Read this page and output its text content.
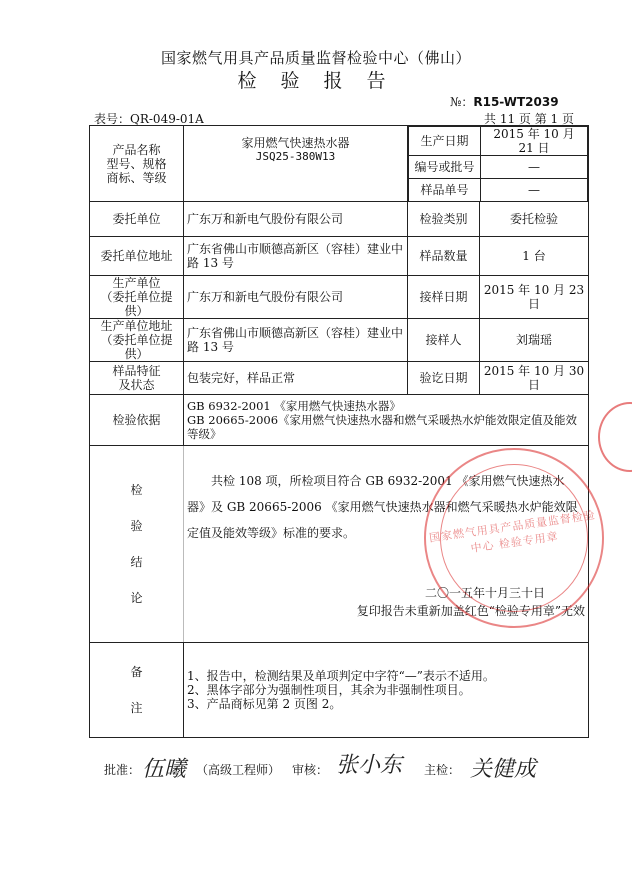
国家燃气用具产品质量监督检验中心（佛山）
检 验 报 告
№：R15-WT2039
表号：QR-049-01A	共 11 页 第 1 页
产品名称
型号、规格
商标、等级

家用燃气快速热水器
JSQ25-380W13

生产日期	2015 年 10 月 21 日
编号或批号	—
样品单号	—

委托单位	广东万和新电气股份有限公司	检验类别	委托检验
委托单位地址	广东省佛山市顺德高新区（容桂）建业中路 13 号	样品数量	1 台

生产单位
（委托单位提供）
	广东万和新电气股份有限公司	接样日期	2015 年 10 月 23 日

生产单位地址
（委托单位提供）
	广东省佛山市顺德高新区（容桂）建业中路 13 号	接样人	刘瑞瑶

样品特征
及状态	包装完好，样品正常	验讫日期	2015 年 10 月 30 日
检验依据	
GB 6932-2001 《家用燃气快速热水器》
GB 20665-2006《家用燃气快速热水器和燃气采暖热水炉能效限定值及能效等级》

检
验
结
论

共检 108 项，所检项目符合 GB 6932-2001 《家用燃气快速热水器》及 GB 20665-2006 《家用燃气快速热水器和燃气采暖热水炉能效限定值及能效等级》标准的要求。
二〇一五年十月三十日
复印报告未重新加盖红色“检验专用章”无效

备
注

1、报告中，检测结果及单项判定中字符“—”表示不适用。
2、黑体字部分为强制性项目，其余为非强制性项目。
3、产品商标见第 2 页图 2。
国家燃气用具产品质量监督检验中心 检验专用章
批准： 伍曦 （高级工程师） 审核： 张小东 主检： 关健成
